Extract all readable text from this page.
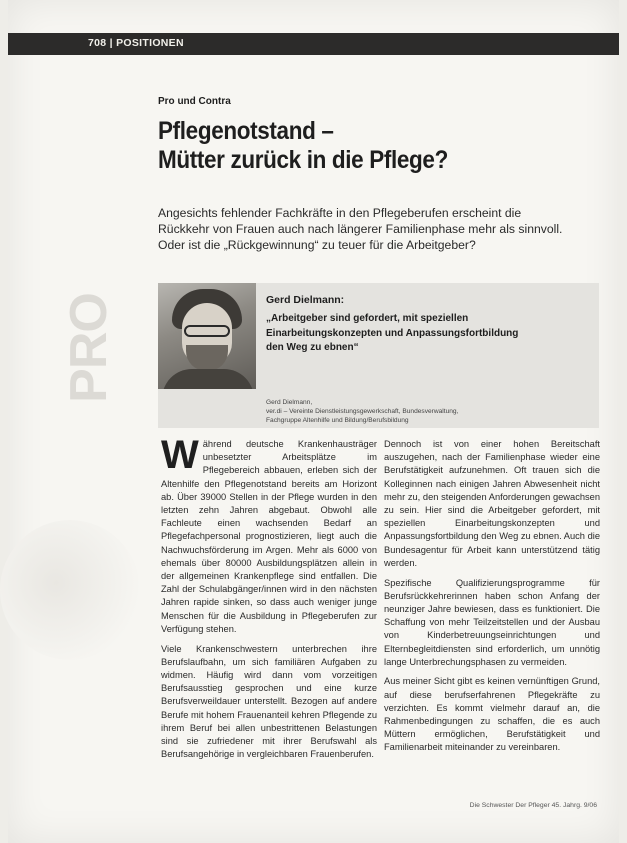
708 | POSITIONEN
Pro und Contra
Pflegenotstand –
Mütter zurück in die Pflege?
Angesichts fehlender Fachkräfte in den Pflegeberufen erscheint die Rückkehr von Frauen auch nach längerer Familienphase mehr als sinnvoll. Oder ist die „Rückgewinnung“ zu teuer für die Arbeitgeber?
PRO	Gerd Dielmann:
„Arbeitgeber sind gefordert, mit speziellen Einarbeitungskonzepten und Anpassungsfortbildung den Weg zu ebnen“
Gerd Dielmann,
ver.di – Vereinte Dienstleistungsgewerkschaft, Bundesverwaltung,
Fachgruppe Altenhilfe und Bildung/Berufsbildung

Während deutsche Krankenhausträger unbesetzter Arbeitsplätze im Pflegebereich abbauen, erleben sich der Altenhilfe den Pflegenotstand bereits am Horizont ab. Über 39000 Stellen in der Pflege wurden in den letzten zehn Jahren abgebaut. Obwohl alle Fachleute einen wachsenden Bedarf an Pflegefachpersonal prognostizieren, liegt auch die Nachwuchsförderung im Argen. Mehr als 6000 von ehemals über 80000 Ausbildungsplätzen allein in der allgemeinen Krankenpflege sind entfallen. Die Zahl der Schulabgänger/innen wird in den nächsten Jahren rapide sinken, so dass auch weniger junge Menschen für die Ausbildung in Pflegeberufen zur Verfügung stehen.

Viele Krankenschwestern unterbrechen ihre Berufslaufbahn, um sich familiären Aufgaben zu widmen. Häufig wird dann vom vorzeitigen Berufsausstieg gesprochen und eine kurze Berufsverweildauer unterstellt. Bezogen auf andere Berufe mit hohem Frauenanteil kehren Pflegende zu ihrem Beruf bei allen unbestrittenen Belastungen sind sie zufriedener mit ihrer Berufswahl als Berufsangehörige in vergleichbaren Frauenberufen.

Dennoch ist von einer hohen Bereitschaft auszugehen, nach der Familienphase wieder eine Berufstätigkeit aufzunehmen. Oft trauen sich die Kolleginnen nach einigen Jahren Abwesenheit nicht mehr zu, den steigenden Anforderungen gewachsen zu sein. Hier sind die Arbeitgeber gefordert, mit speziellen Einarbeitungskonzepten und Anpassungsfortbildung den Weg zu ebnen. Auch die Bundesagentur für Arbeit kann unterstützend tätig werden.

Spezifische Qualifizierungsprogramme für Berufsrückkehrerinnen haben schon Anfang der neunziger Jahre bewiesen, dass es funktioniert. Die Schaffung von mehr Teilzeitstellen und der Ausbau von Kinderbetreuungseinrichtungen und Elternbegleitdiensten sind erforderlich, um unnötig lange Unterbrechungsphasen zu vermeiden.

Aus meiner Sicht gibt es keinen vernünftigen Grund, auf diese berufserfahrenen Pflegekräfte zu verzichten. Es kommt vielmehr darauf an, die Rahmenbedingungen zu schaffen, die es auch Müttern ermöglichen, Berufstätigkeit und Familienarbeit miteinander zu vereinbaren.

Die Schwester Der Pfleger 45. Jahrg. 9/06
